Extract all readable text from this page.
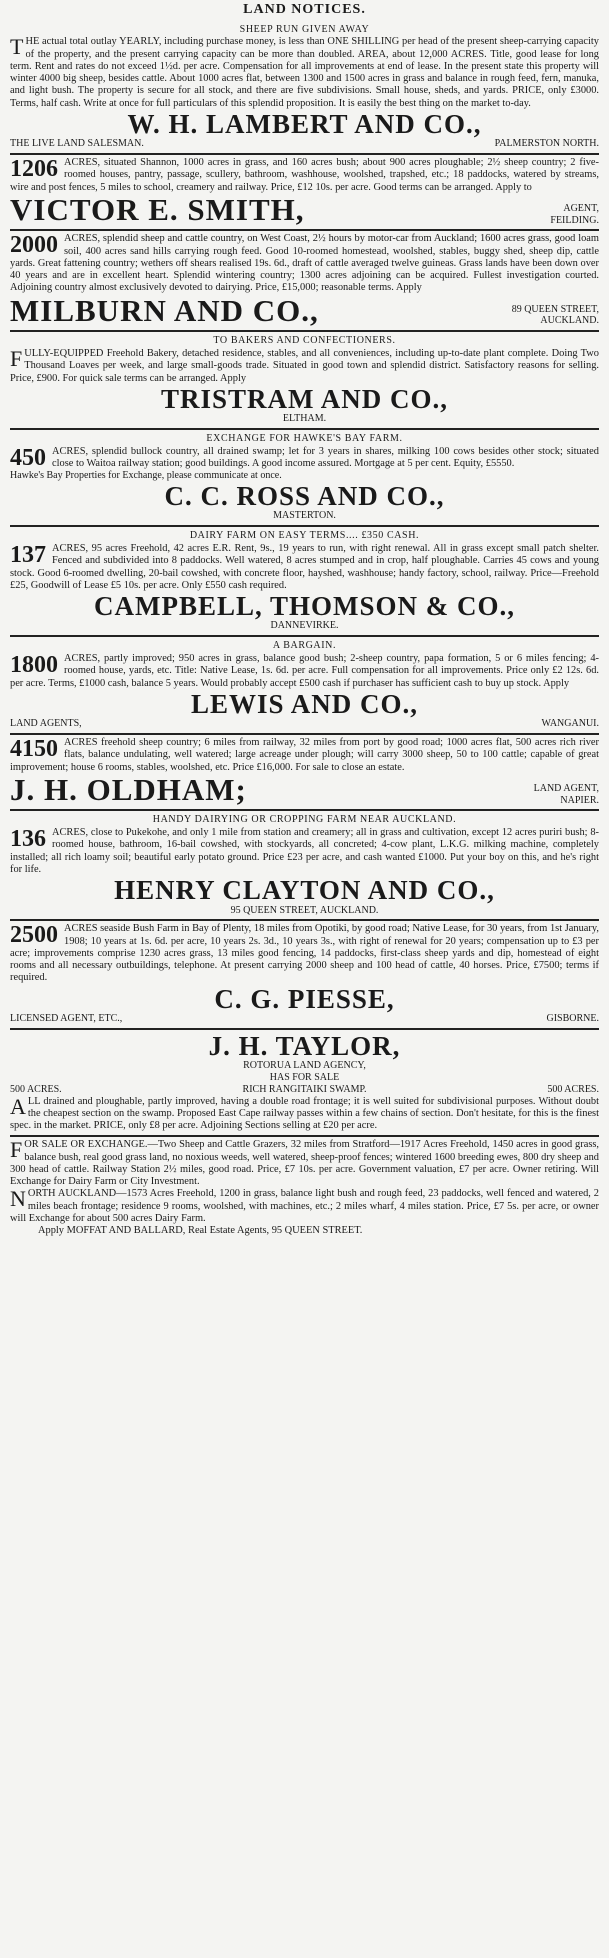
LAND NOTICES.
SHEEP RUN GIVEN AWAY
THE actual total outlay YEARLY, including purchase money, is less than ONE SHILLING per head of the present sheep-carrying capacity of the property, and the present carrying capacity can be more than doubled. AREA, about 12,000 ACRES. Title, good lease for long term. Rent and rates do not exceed 1½d. per acre. Compensation for all improvements at end of lease. In the present state this property will winter 4000 big sheep, besides cattle. About 1000 acres flat, between 1300 and 1500 acres in grass and balance in rough feed, fern, manuka, and light bush. The property is secure for all stock, and there are five subdivisions. Small house, sheds, and yards. PRICE, only £3000. Terms, half cash. Write at once for full particulars of this splendid proposition. It is easily the best thing on the market to-day.
W. H. LAMBERT AND CO.,
THE LIVE LAND SALESMAN.	PALMERSTON NORTH.
1206 ACRES, situated Shannon, 1000 acres in grass, and 160 acres bush; about 900 acres ploughable; 2½ sheep country; 2 five-roomed houses, pantry, passage, scullery, bathroom, washhouse, woolshed, trapshed, etc.; 18 paddocks, watered by streams, wire and post fences, 5 miles to school, creamery and railway. Price, £12 10s. per acre. Good terms can be arranged. Apply to
VICTOR E. SMITH,	AGENT,
FEILDING.
2000 ACRES, splendid sheep and cattle country, on West Coast, 2½ hours by motor-car from Auckland; 1600 acres grass, good loam soil, 400 acres sand hills carrying rough feed. Good 10-roomed homestead, woolshed, stables, buggy shed, sheep dip, cattle yards. Great fattening country; wethers off shears realised 19s. 6d., draft of cattle averaged twelve guineas. Grass lands have been down over 40 years and are in excellent heart. Splendid wintering country; 1300 acres adjoining can be acquired. Fullest investigation courted. Adjoining country almost exclusively devoted to dairying. Price, £15,000; reasonable terms. Apply
MILBURN AND CO.,	89 QUEEN STREET,
AUCKLAND.
TO BAKERS AND CONFECTIONERS.
FULLY-EQUIPPED Freehold Bakery, detached residence, stables, and all conveniences, including up-to-date plant complete. Doing Two Thousand Loaves per week, and large small-goods trade. Situated in good town and splendid district. Satisfactory reasons for selling. Price, £900. For quick sale terms can be arranged. Apply
TRISTRAM AND CO.,
ELTHAM.
EXCHANGE FOR HAWKE'S BAY FARM.
450 ACRES, splendid bullock country, all drained swamp; let for 3 years in shares, milking 100 cows besides other stock; situated close to Waitoa railway station; good buildings. A good income assured. Mortgage at 5 per cent. Equity, £5550.
Hawke's Bay Properties for Exchange, please communicate at once.
C. C. ROSS AND CO.,
MASTERTON.
DAIRY FARM ON EASY TERMS.... £350 CASH.
137 ACRES, 95 acres Freehold, 42 acres E.R. Rent, 9s., 19 years to run, with right renewal. All in grass except small patch shelter. Fenced and subdivided into 8 paddocks. Well watered, 8 acres stumped and in crop, half ploughable. Carries 45 cows and young stock. Good 6-roomed dwelling, 20-bail cowshed, with concrete floor, hayshed, washhouse; handy factory, school, railway. Price—Freehold £25, Goodwill of Lease £5 10s. per acre. Only £550 cash required.
CAMPBELL, THOMSON & CO.,
DANNEVIRKE.
A BARGAIN.
1800 ACRES, partly improved; 950 acres in grass, balance good bush; 2-sheep country, papa formation, 5 or 6 miles fencing; 4-roomed house, yards, etc. Title: Native Lease, 1s. 6d. per acre. Full compensation for all improvements. Price only £2 12s. 6d. per acre. Terms, £1000 cash, balance 5 years. Would probably accept £500 cash if purchaser has sufficient cash to buy up stock. Apply
LEWIS AND CO.,
LAND AGENTS,	WANGANUI.
4150 ACRES freehold sheep country; 6 miles from railway, 32 miles from port by good road; 1000 acres flat, 500 acres rich river flats, balance undulating, well watered; large acreage under plough; will carry 3000 sheep, 50 to 100 cattle; capable of great improvement; house 6 rooms, stables, woolshed, etc. Price £16,000. For sale to close an estate.
J. H. OLDHAM;	LAND AGENT,
NAPIER.
HANDY DAIRYING OR CROPPING FARM NEAR AUCKLAND.
136 ACRES, close to Pukekohe, and only 1 mile from station and creamery; all in grass and cultivation, except 12 acres puriri bush; 8-roomed house, bathroom, 16-bail cowshed, with stockyards, all concreted; 4-cow plant, L.K.G. milking machine, completely installed; all rich loamy soil; beautiful early potato ground. Price £23 per acre, and cash wanted £1000. Put your boy on this, and he's right for life.
HENRY CLAYTON AND CO.,
95 QUEEN STREET, AUCKLAND.
2500 ACRES seaside Bush Farm in Bay of Plenty, 18 miles from Opotiki, by good road; Native Lease, for 30 years, from 1st January, 1908; 10 years at 1s. 6d. per acre, 10 years 2s. 3d., 10 years 3s., with right of renewal for 20 years; compensation up to £3 per acre; improvements comprise 1230 acres grass, 13 miles good fencing, 14 paddocks, first-class sheep yards and dip, homestead of eight rooms and all necessary outbuildings, telephone. At present carrying 2000 sheep and 100 head of cattle, 40 horses. Price, £7500; terms if required.
C. G. PIESSE,
LICENSED AGENT, ETC.,	GISBORNE.
J. H. TAYLOR,
ROTORUA LAND AGENCY,
HAS FOR SALE
500 ACRES.	RICH RANGITAIKI SWAMP.	500 ACRES.
ALL drained and ploughable, partly improved, having a double road frontage; it is well suited for subdivisional purposes. Without doubt the cheapest section on the swamp. Proposed East Cape railway passes within a few chains of section. Don't hesitate, for this is the finest spec. in the market. PRICE, only £8 per acre. Adjoining Sections selling at £20 per acre.
FOR SALE OR EXCHANGE.—Two Sheep and Cattle Grazers, 32 miles from Stratford—1917 Acres Freehold, 1450 acres in good grass, balance bush, real good grass land, no noxious weeds, well watered, sheep-proof fences; wintered 1600 breeding ewes, 800 dry sheep and 300 head of cattle. Railway Station 2½ miles, good road. Price, £7 10s. per acre. Government valuation, £7 per acre. Owner retiring. Will Exchange for Dairy Farm or City Investment.
NORTH AUCKLAND—1573 Acres Freehold, 1200 in grass, balance light bush and rough feed, 23 paddocks, well fenced and watered, 2 miles beach frontage; residence 9 rooms, woolshed, with machines, etc.; 2 miles wharf, 4 miles station. Price, £7 5s. per acre, or owner will Exchange for about 500 acres Dairy Farm.
Apply MOFFAT AND BALLARD, Real Estate Agents, 95 QUEEN STREET.
